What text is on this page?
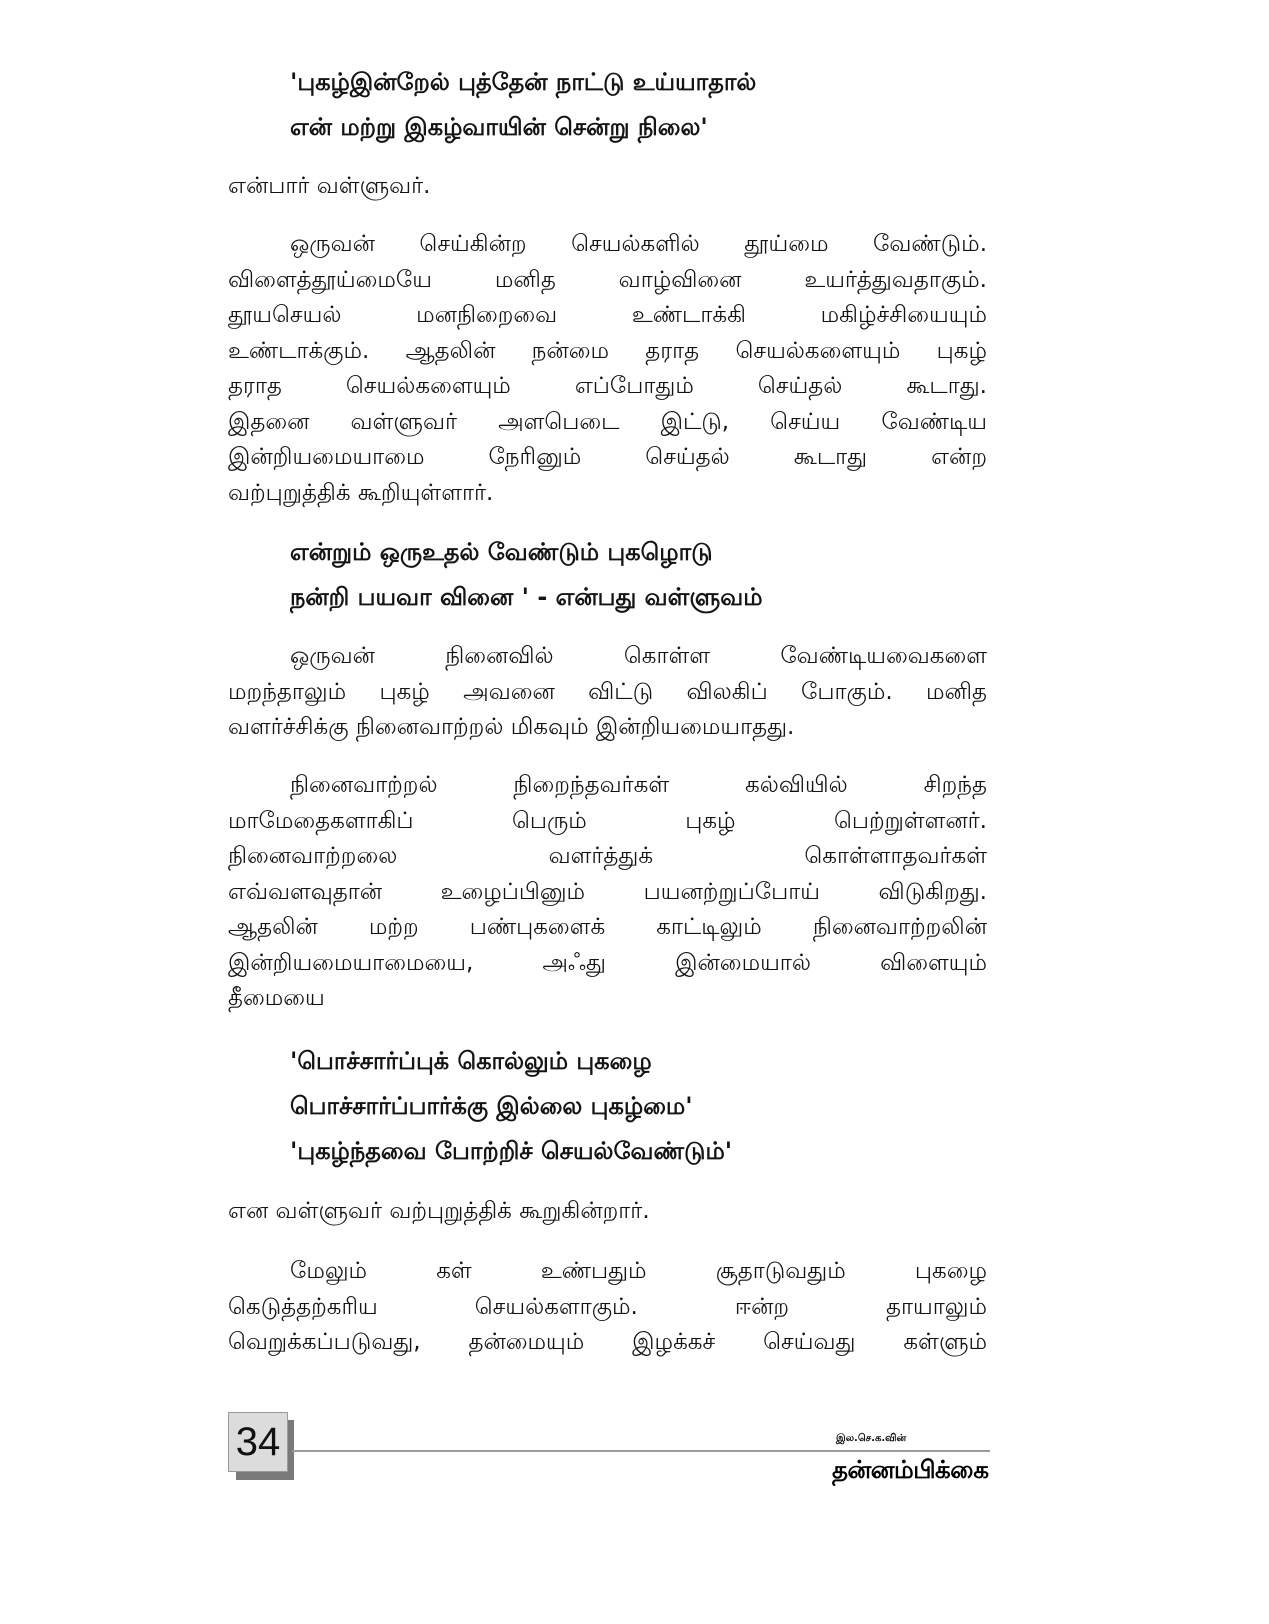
'புகழ்இன்றேல் புத்தேன் நாட்டு உய்யாதால்
என் மற்று இகழ்வாயின் சென்று நிலை'
என்பார் வள்ளுவர்.
ஒருவன் செய்கின்ற செயல்களில் தூய்மை வேண்டும்.
விளைத்தூய்மையே மனித வாழ்வினை உயர்த்துவதாகும்.
தூயசெயல் மனநிறைவை உண்டாக்கி மகிழ்ச்சியையும்
உண்டாக்கும். ஆதலின் நன்மை தராத செயல்களையும் புகழ்
தராத செயல்களையும் எப்போதும் செய்தல் கூடாது.
இதனை வள்ளுவர் அளபெடை இட்டு, செய்ய வேண்டிய
இன்றியமையாமை நேரினும் செய்தல் கூடாது என்ற
வற்புறுத்திக் கூறியுள்ளார்.
என்றும் ஒருஉதல் வேண்டும் புகழொடு
நன்றி பயவா வினை ' - என்பது வள்ளுவம்
ஒருவன் நினைவில் கொள்ள வேண்டியவைகளை
மறந்தாலும் புகழ் அவனை விட்டு விலகிப் போகும். மனித
வளர்ச்சிக்கு நினைவாற்றல் மிகவும் இன்றியமையாதது.
நினைவாற்றல் நிறைந்தவர்கள் கல்வியில் சிறந்த
மாமேதைகளாகிப் பெரும் புகழ் பெற்றுள்ளனர்.
நினைவாற்றலை வளர்த்துக் கொள்ளாதவர்கள்
எவ்வளவுதான் உழைப்பினும் பயனற்றுப்போய் விடுகிறது.
ஆதலின் மற்ற பண்புகளைக் காட்டிலும் நினைவாற்றலின்
இன்றியமையாமையை, அஃது இன்மையால் விளையும்
தீமையை
'பொச்சார்ப்புக் கொல்லும் புகழை
பொச்சார்ப்பார்க்கு இல்லை புகழ்மை'
'புகழ்ந்தவை போற்றிச் செயல்வேண்டும்'
என வள்ளுவர் வற்புறுத்திக் கூறுகின்றார்.
மேலும் கள் உண்பதும் சூதாடுவதும் புகழை
கெடுத்தற்கரிய செயல்களாகும். ஈன்ற தாயாலும்
வெறுக்கப்படுவது, தன்மையும் இழக்கச் செய்வது கள்ளும்
34	இல.செ.க.வின்
தன்னம்பிக்கை
